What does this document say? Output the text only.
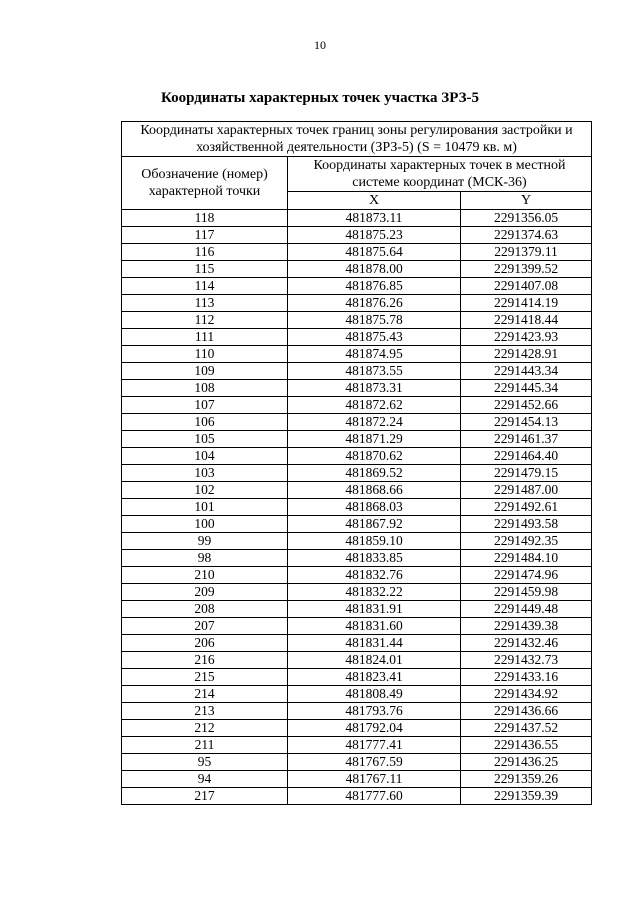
10
Координаты характерных точек участка ЗРЗ-5
Координаты характерных точек границ зоны регулирования застройки и хозяйственной деятельности (ЗРЗ-5) (S = 10479 кв. м)		
Обозначение (номер) характерной точки	Координаты характерных точек в местной системе координат (МСК-36)	
	X	Y
118	481873.11	2291356.05
117	481875.23	2291374.63
116	481875.64	2291379.11
115	481878.00	2291399.52
114	481876.85	2291407.08
113	481876.26	2291414.19
112	481875.78	2291418.44
111	481875.43	2291423.93
110	481874.95	2291428.91
109	481873.55	2291443.34
108	481873.31	2291445.34
107	481872.62	2291452.66
106	481872.24	2291454.13
105	481871.29	2291461.37
104	481870.62	2291464.40
103	481869.52	2291479.15
102	481868.66	2291487.00
101	481868.03	2291492.61
100	481867.92	2291493.58
99	481859.10	2291492.35
98	481833.85	2291484.10
210	481832.76	2291474.96
209	481832.22	2291459.98
208	481831.91	2291449.48
207	481831.60	2291439.38
206	481831.44	2291432.46
216	481824.01	2291432.73
215	481823.41	2291433.16
214	481808.49	2291434.92
213	481793.76	2291436.66
212	481792.04	2291437.52
211	481777.41	2291436.55
95	481767.59	2291436.25
94	481767.11	2291359.26
217	481777.60	2291359.39
